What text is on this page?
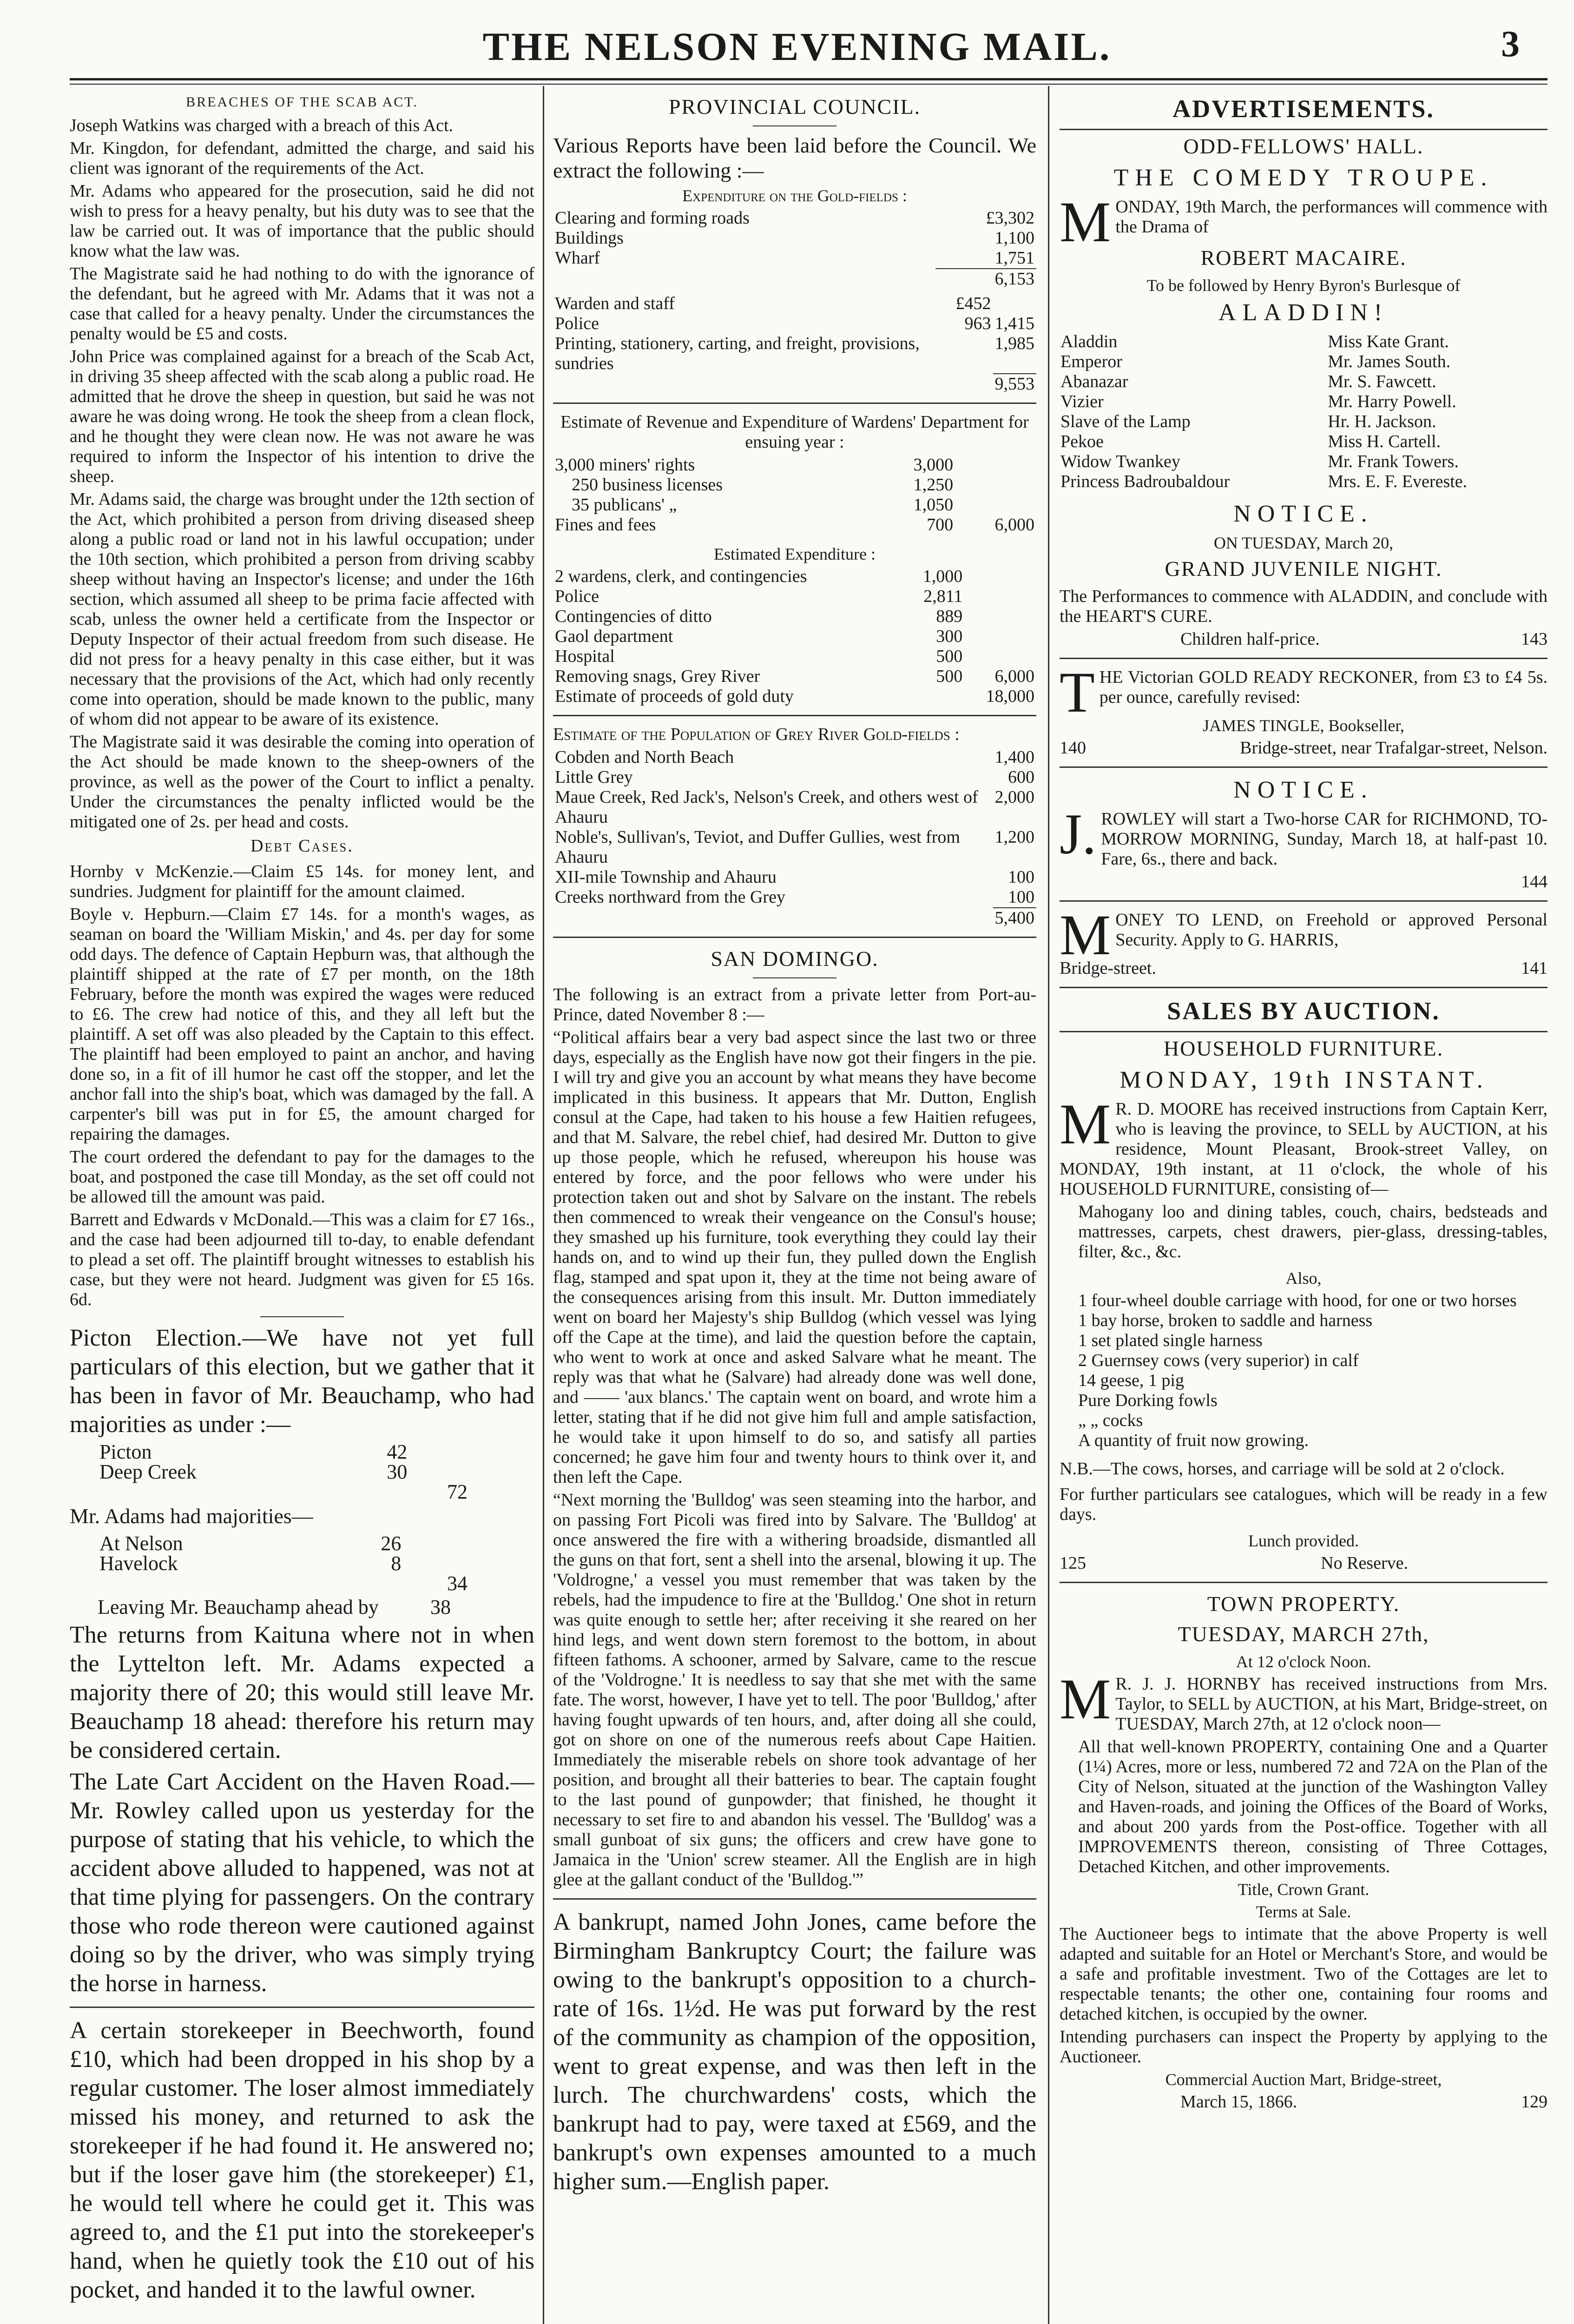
THE NELSON EVENING MAIL.	3
BREACHES OF THE SCAB ACT.

Joseph Watkins was charged with a breach of this Act.

Mr. Kingdon, for defendant, admitted the charge, and said his client was ignorant of the requirements of the Act.

Mr. Adams who appeared for the prosecution, said he did not wish to press for a heavy penalty, but his duty was to see that the law be carried out. It was of importance that the public should know what the law was.

The Magistrate said he had nothing to do with the ignorance of the defendant, but he agreed with Mr. Adams that it was not a case that called for a heavy penalty. Under the circumstances the penalty would be £5 and costs.

John Price was complained against for a breach of the Scab Act, in driving 35 sheep affected with the scab along a public road. He admitted that he drove the sheep in question, but said he was not aware he was doing wrong. He took the sheep from a clean flock, and he thought they were clean now. He was not aware he was required to inform the Inspector of his intention to drive the sheep.

Mr. Adams said, the charge was brought under the 12th section of the Act, which prohibited a person from driving diseased sheep along a public road or land not in his lawful occupation; under the 10th section, which prohibited a person from driving scabby sheep without having an Inspector's license; and under the 16th section, which assumed all sheep to be prima facie affected with scab, unless the owner held a certificate from the Inspector or Deputy Inspector of their actual freedom from such disease. He did not press for a heavy penalty in this case either, but it was necessary that the provisions of the Act, which had only recently come into operation, should be made known to the public, many of whom did not appear to be aware of its existence.

The Magistrate said it was desirable the coming into operation of the Act should be made known to the sheep-owners of the province, as well as the power of the Court to inflict a penalty. Under the circumstances the penalty inflicted would be the mitigated one of 2s. per head and costs.

Debt Cases.

Hornby v McKenzie.—Claim £5 14s. for money lent, and sundries. Judgment for plaintiff for the amount claimed.

Boyle v. Hepburn.—Claim £7 14s. for a month's wages, as seaman on board the 'William Miskin,' and 4s. per day for some odd days. The defence of Captain Hepburn was, that although the plaintiff shipped at the rate of £7 per month, on the 18th February, before the month was expired the wages were reduced to £6. The crew had notice of this, and they all left but the plaintiff. A set off was also pleaded by the Captain to this effect. The plaintiff had been employed to paint an anchor, and having done so, in a fit of ill humor he cast off the stopper, and let the anchor fall into the ship's boat, which was damaged by the fall. A carpenter's bill was put in for £5, the amount charged for repairing the damages.

The court ordered the defendant to pay for the damages to the boat, and postponed the case till Monday, as the set off could not be allowed till the amount was paid.

Barrett and Edwards v McDonald.—This was a claim for £7 16s., and the case had been adjourned till to-day, to enable defendant to plead a set off. The plaintiff brought witnesses to establish his case, but they were not heard. Judgment was given for £5 16s. 6d.

Picton Election.—We have not yet full particulars of this election, but we gather that it has been in favor of Mr. Beauchamp, who had majorities as under :—

Picton	42	
Deep Creek	30	
		72

Mr. Adams had majorities—

At Nelson	26	
Havelock	8	
		34
Leaving Mr. Beauchamp ahead by	38

The returns from Kaituna where not in when the Lyttelton left. Mr. Adams expected a majority there of 20; this would still leave Mr. Beauchamp 18 ahead: therefore his return may be considered certain.

The Late Cart Accident on the Haven Road.—Mr. Rowley called upon us yesterday for the purpose of stating that his vehicle, to which the accident above alluded to happened, was not at that time plying for passengers. On the contrary those who rode thereon were cautioned against doing so by the driver, who was simply trying the horse in harness.

A certain storekeeper in Beechworth, found £10, which had been dropped in his shop by a regular customer. The loser almost immediately missed his money, and returned to ask the storekeeper if he had found it. He answered no; but if the loser gave him (the storekeeper) £1, he would tell where he could get it. This was agreed to, and the £1 put into the storekeeper's hand, when he quietly took the £10 out of his pocket, and handed it to the lawful owner.

PROVINCIAL COUNCIL.

Various Reports have been laid before the Council. We extract the following :—

Expenditure on the Gold-fields :
Clearing and forming roads	£3,302
Buildings	1,100
Wharf	1,751
	6,153
Warden and staff	£452	
Police	963	1,415
Printing, stationery, carting, and freight, provisions, sundries		1,985
		9,553

Estimate of Revenue and Expenditure of Wardens' Department for ensuing year :

3,000 miners' rights	3,000	
250 business licenses	1,250	
35 publicans' „	1,050	
Fines and fees	700	6,000
Estimated Expenditure :
2 wardens, clerk, and contingencies	1,000	
Police	2,811	
Contingencies of ditto	889	
Gaol department	300	
Hospital	500	
Removing snags, Grey River	500	6,000
Estimate of proceeds of gold duty		18,000

Estimate of the Population of Grey River Gold-fields :

Cobden and North Beach	1,400
Little Grey	600
Maue Creek, Red Jack's, Nelson's Creek, and others west of Ahauru	2,000
Noble's, Sullivan's, Teviot, and Duffer Gullies, west from Ahauru	1,200
XII-mile Township and Ahauru	100
Creeks northward from the Grey	100
	5,400
SAN DOMINGO.

The following is an extract from a private letter from Port-au-Prince, dated November 8 :—

“Political affairs bear a very bad aspect since the last two or three days, especially as the English have now got their fingers in the pie. I will try and give you an account by what means they have become implicated in this business. It appears that Mr. Dutton, English consul at the Cape, had taken to his house a few Haitien refugees, and that M. Salvare, the rebel chief, had desired Mr. Dutton to give up those people, which he refused, whereupon his house was entered by force, and the poor fellows who were under his protection taken out and shot by Salvare on the instant. The rebels then commenced to wreak their vengeance on the Consul's house; they smashed up his furniture, took everything they could lay their hands on, and to wind up their fun, they pulled down the English flag, stamped and spat upon it, they at the time not being aware of the consequences arising from this insult. Mr. Dutton immediately went on board her Majesty's ship Bulldog (which vessel was lying off the Cape at the time), and laid the question before the captain, who went to work at once and asked Salvare what he meant. The reply was that what he (Salvare) had already done was well done, and —— 'aux blancs.' The captain went on board, and wrote him a letter, stating that if he did not give him full and ample satisfaction, he would take it upon himself to do so, and satisfy all parties concerned; he gave him four and twenty hours to think over it, and then left the Cape.

“Next morning the 'Bulldog' was seen steaming into the harbor, and on passing Fort Picoli was fired into by Salvare. The 'Bulldog' at once answered the fire with a withering broadside, dismantled all the guns on that fort, sent a shell into the arsenal, blowing it up. The 'Voldrogne,' a vessel you must remember that was taken by the rebels, had the impudence to fire at the 'Bulldog.' One shot in return was quite enough to settle her; after receiving it she reared on her hind legs, and went down stern foremost to the bottom, in about fifteen fathoms. A schooner, armed by Salvare, came to the rescue of the 'Voldrogne.' It is needless to say that she met with the same fate. The worst, however, I have yet to tell. The poor 'Bulldog,' after having fought upwards of ten hours, and, after doing all she could, got on shore on one of the numerous reefs about Cape Haitien. Immediately the miserable rebels on shore took advantage of her position, and brought all their batteries to bear. The captain fought to the last pound of gunpowder; that finished, he thought it necessary to set fire to and abandon his vessel. The 'Bulldog' was a small gunboat of six guns; the officers and crew have gone to Jamaica in the 'Union' screw steamer. All the English are in high glee at the gallant conduct of the 'Bulldog.'”

A bankrupt, named John Jones, came before the Birmingham Bankruptcy Court; the failure was owing to the bankrupt's opposition to a church-rate of 16s. 1½d. He was put forward by the rest of the community as champion of the opposition, went to great expense, and was then left in the lurch. The churchwardens' costs, which the bankrupt had to pay, were taxed at £569, and the bankrupt's own expenses amounted to a much higher sum.—English paper.

ADVERTISEMENTS.
ODD-FELLOWS' HALL.
THE COMEDY TROUPE.

MONDAY, 19th March, the performances will commence with the Drama of

ROBERT MACAIRE.
To be followed by Henry Byron's Burlesque of
ALADDIN!
Aladdin	Miss Kate Grant.
Emperor	Mr. James South.
Abanazar	Mr. S. Fawcett.
Vizier	Mr. Harry Powell.
Slave of the Lamp	Hr. H. Jackson.
Pekoe	Miss H. Cartell.
Widow Twankey	Mr. Frank Towers.
Princess Badroubaldour	Mrs. E. F. Evereste.
NOTICE.
ON TUESDAY, March 20,
GRAND JUVENILE NIGHT.

The Performances to commence with ALADDIN, and conclude with the HEART'S CURE.

Children half-price.	143

THE Victorian GOLD READY RECKONER, from £3 to £4 5s. per ounce, carefully revised:

JAMES TINGLE, Bookseller,
140	Bridge-street, near Trafalgar-street, Nelson.
NOTICE.

J. ROWLEY will start a Two-horse CAR for RICHMOND, TO-MORROW MORNING, Sunday, March 18, at half-past 10. Fare, 6s., there and back.

144

MONEY TO LEND, on Freehold or approved Personal Security. Apply to G. HARRIS,

Bridge-street.	141
SALES BY AUCTION.
HOUSEHOLD FURNITURE.
MONDAY, 19th INSTANT.

M R. D. MOORE has received instructions from Captain Kerr, who is leaving the province, to SELL by AUCTION, at his residence, Mount Pleasant, Brook-street Valley, on MONDAY, 19th instant, at 11 o'clock, the whole of his HOUSEHOLD FURNITURE, consisting of—

Mahogany loo and dining tables, couch, chairs, bedsteads and mattresses, carpets, chest drawers, pier-glass, dressing-tables, filter, &c., &c.

Also,
1 four-wheel double carriage with hood, for one or two horses
1 bay horse, broken to saddle and harness
1 set plated single harness
2 Guernsey cows (very superior) in calf
14 geese, 1 pig
Pure Dorking fowls
„ „ cocks
A quantity of fruit now growing.

N.B.—The cows, horses, and carriage will be sold at 2 o'clock.

For further particulars see catalogues, which will be ready in a few days.

Lunch provided.
125	No Reserve.
TOWN PROPERTY.
TUESDAY, MARCH 27th,
At 12 o'clock Noon.

M R. J. J. HORNBY has received instructions from Mrs. Taylor, to SELL by AUCTION, at his Mart, Bridge-street, on TUESDAY, March 27th, at 12 o'clock noon—

All that well-known PROPERTY, containing One and a Quarter (1¼) Acres, more or less, numbered 72 and 72A on the Plan of the City of Nelson, situated at the junction of the Washington Valley and Haven-roads, and joining the Offices of the Board of Works, and about 200 yards from the Post-office. Together with all IMPROVEMENTS thereon, consisting of Three Cottages, Detached Kitchen, and other improvements.

Title, Crown Grant.
Terms at Sale.

The Auctioneer begs to intimate that the above Property is well adapted and suitable for an Hotel or Merchant's Store, and would be a safe and profitable investment. Two of the Cottages are let to respectable tenants; the other one, containing four rooms and detached kitchen, is occupied by the owner.

Intending purchasers can inspect the Property by applying to the Auctioneer.

Commercial Auction Mart, Bridge-street,
March 15, 1866.	129
